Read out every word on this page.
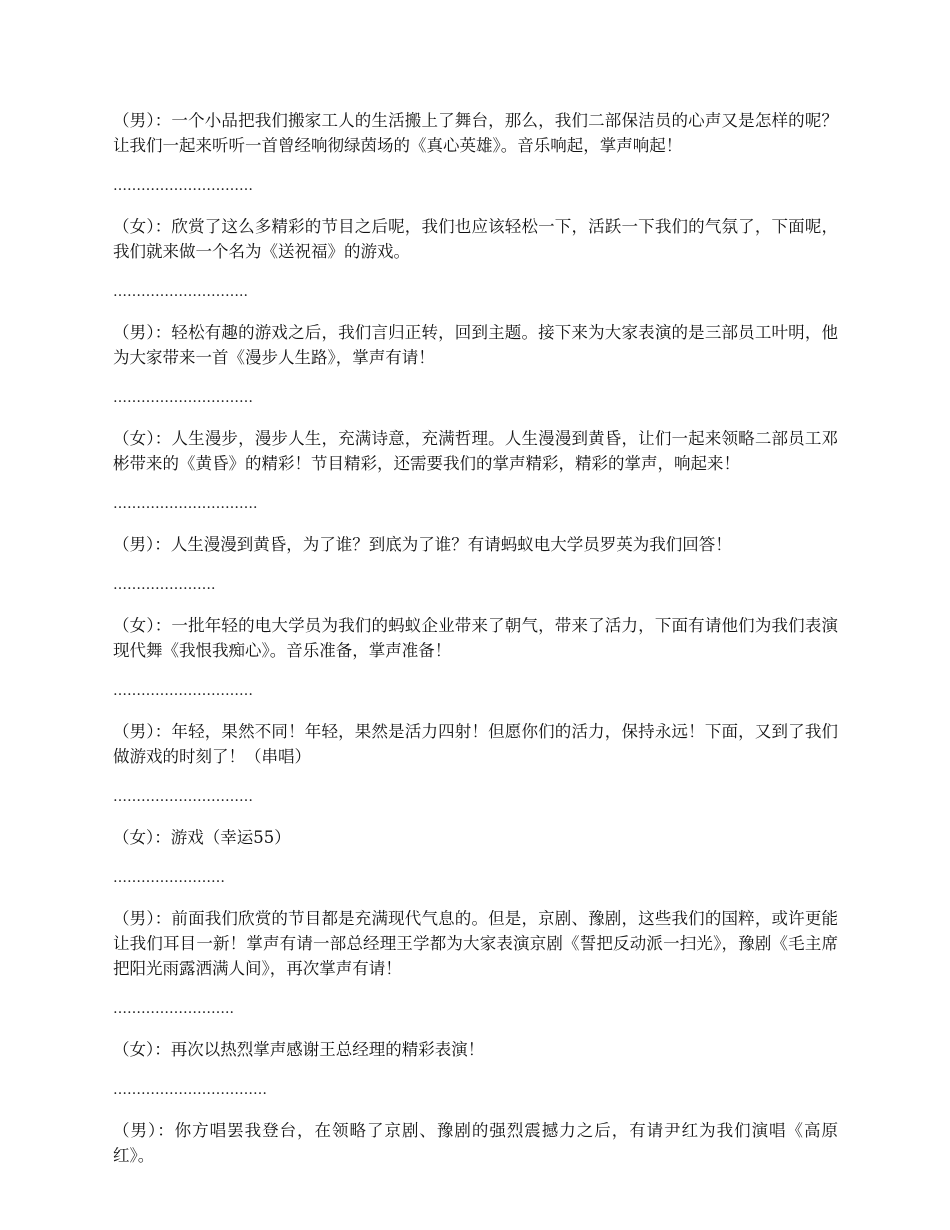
（男）：一个小品把我们搬家工人的生活搬上了舞台，那么，我们二部保洁员的心声又是怎样的呢？让我们一起来听听一首曾经响彻绿茵场的《真心英雄》。音乐响起，掌声响起！
…………………………
（女）：欣赏了这么多精彩的节目之后呢，我们也应该轻松一下，活跃一下我们的气氛了，下面呢，我们就来做一个名为《送祝福》的游戏。
………………………..
（男）：轻松有趣的游戏之后，我们言归正转，回到主题。接下来为大家表演的是三部员工叶明，他为大家带来一首《漫步人生路》，掌声有请！
…………………………
（女）：人生漫步，漫步人生，充满诗意，充满哲理。人生漫漫到黄昏，让们一起来领略二部员工邓彬带来的《黄昏》的精彩！节目精彩，还需要我们的掌声精彩，精彩的掌声，响起来！
………………………….
（男）：人生漫漫到黄昏，为了谁？到底为了谁？有请蚂蚁电大学员罗英为我们回答！
………………….
（女）：一批年轻的电大学员为我们的蚂蚁企业带来了朝气，带来了活力，下面有请他们为我们表演现代舞《我恨我痴心》。音乐准备，掌声准备！
…………………………
（男）：年轻，果然不同！年轻，果然是活力四射！但愿你们的活力，保持永远！下面，又到了我们做游戏的时刻了！（串唱）
…………………………
（女）：游戏（幸运55）
……………………
（男）：前面我们欣赏的节目都是充满现代气息的。但是，京剧、豫剧，这些我们的国粹，或许更能让我们耳目一新！掌声有请一部总经理王学都为大家表演京剧《誓把反动派一扫光》，豫剧《毛主席把阳光雨露洒满人间》，再次掌声有请！
……………………..
（女）：再次以热烈掌声感谢王总经理的精彩表演！
……………………………
（男）：你方唱罢我登台，在领略了京剧、豫剧的强烈震撼力之后，有请尹红为我们演唱《高原红》。
